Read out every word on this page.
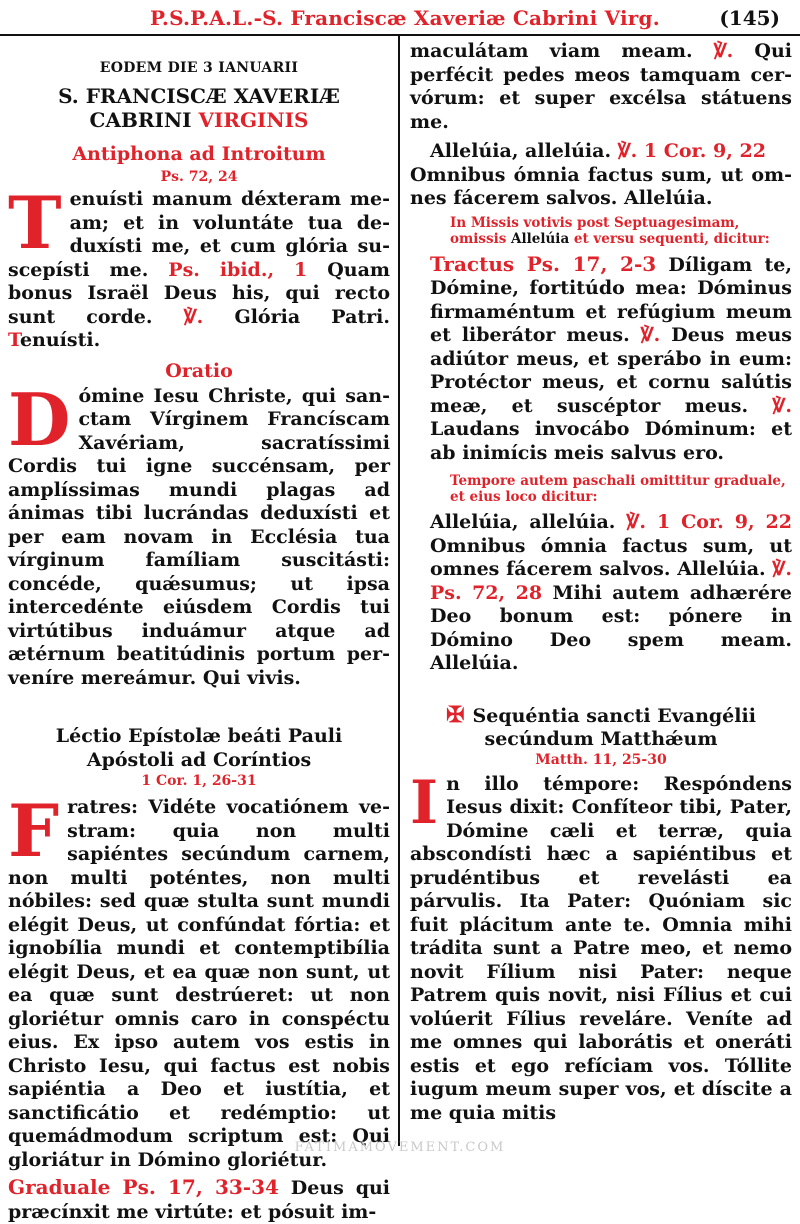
P.S.P.A.L.-S. Franciscæ Xaveriæ Cabrini Virg.	(145)
EODEM DIE 3 IANUARII
S. FRANCISCÆ XAVERIÆ
CABRINI VIRGINIS
Antiphona ad Introitum
Ps. 72, 24

Tenuísti manum déxteram meam; et in voluntáte tua deduxísti me, et cum glória suscepísti me. Ps. ibid., 1 Quam bonus Israël Deus his, qui recto sunt corde. ℣. Glória Patri. Tenuísti.

Oratio

Dómine Iesu Christe, qui sanctam Vírginem Francíscam Xavériam, sacratíssimi Cordis tui igne succénsam, per amplíssimas mundi plagas ad ánimas tibi lucrándas deduxísti et per eam novam in Ecclésia tua vírginum famíliam suscitásti: concéde, quǽsumus; ut ipsa intercedénte eiúsdem Cordis tui virtútibus induámur atque ad ætérnum beatitúdinis portum perveníre mereámur. Qui vivis.

Léctio Epístolæ beáti Pauli
Apóstoli ad Coríntios
1 Cor. 1, 26-31

Fratres: Vidéte vocatiónem vestram: quia non multi sapiéntes secúndum carnem, non multi poténtes, non multi nóbiles: sed quæ stulta sunt mundi elégit Deus, ut confúndat fórtia: et ignobília mundi et contemptibília elégit Deus, et ea quæ non sunt, ut ea quæ sunt destrúeret: ut non gloriétur omnis caro in conspéctu eius. Ex ipso autem vos estis in Christo Iesu, qui factus est nobis sapiéntia a Deo et iustítia, et sanctificátio et redémptio: ut quemádmodum scriptum est: Qui gloriátur in Dómino gloriétur.

Graduale Ps. 17, 33-34 Deus qui præcínxit me virtúte: et pósuit im-

maculátam viam meam. ℣. Qui perfécit pedes meos tamquam cervórum: et super excélsa státuens me.

Allelúia, allelúia. ℣. 1 Cor. 9, 22

Omnibus ómnia factus sum, ut omnes fácerem salvos. Allelúia.

In Missis votivis post Septuagesimam, omissis Allelúia et versu sequenti, dicitur:

Tractus Ps. 17, 2-3 Díligam te, Dómine, fortitúdo mea: Dóminus firmaméntum et refúgium meum et liberátor meus. ℣. Deus meus adiútor meus, et sperábo in eum: Protéctor meus, et cornu salútis meæ, et suscéptor meus. ℣. Laudans invocábo Dóminum: et ab inimícis meis salvus ero.

Tempore autem paschali omittitur graduale, et eius loco dicitur:

Allelúia, allelúia. ℣. 1 Cor. 9, 22 Omnibus ómnia factus sum, ut omnes fácerem salvos. Allelúia. ℣. Ps. 72, 28 Mihi autem adhærére Deo bonum est: pónere in Dómino Deo spem meam. Allelúia.

✠ Sequéntia sancti Evangélii
secúndum Matthǽum
Matth. 11, 25-30

In illo témpore: Respóndens Iesus dixit: Confíteor tibi, Pater, Dómine cæli et terræ, quia abscondísti hæc a sapiéntibus et prudéntibus et revelásti ea párvulis. Ita Pater: Quóniam sic fuit plácitum ante te. Omnia mihi trádita sunt a Patre meo, et nemo novit Fílium nisi Pater: neque Patrem quis novit, nisi Fílius et cui volúerit Fílius reveláre. Veníte ad me omnes qui laborátis et oneráti estis et ego refíciam vos. Tóllite iugum meum super vos, et díscite a me quia mitis

FATIMAMOVEMENT.COM
